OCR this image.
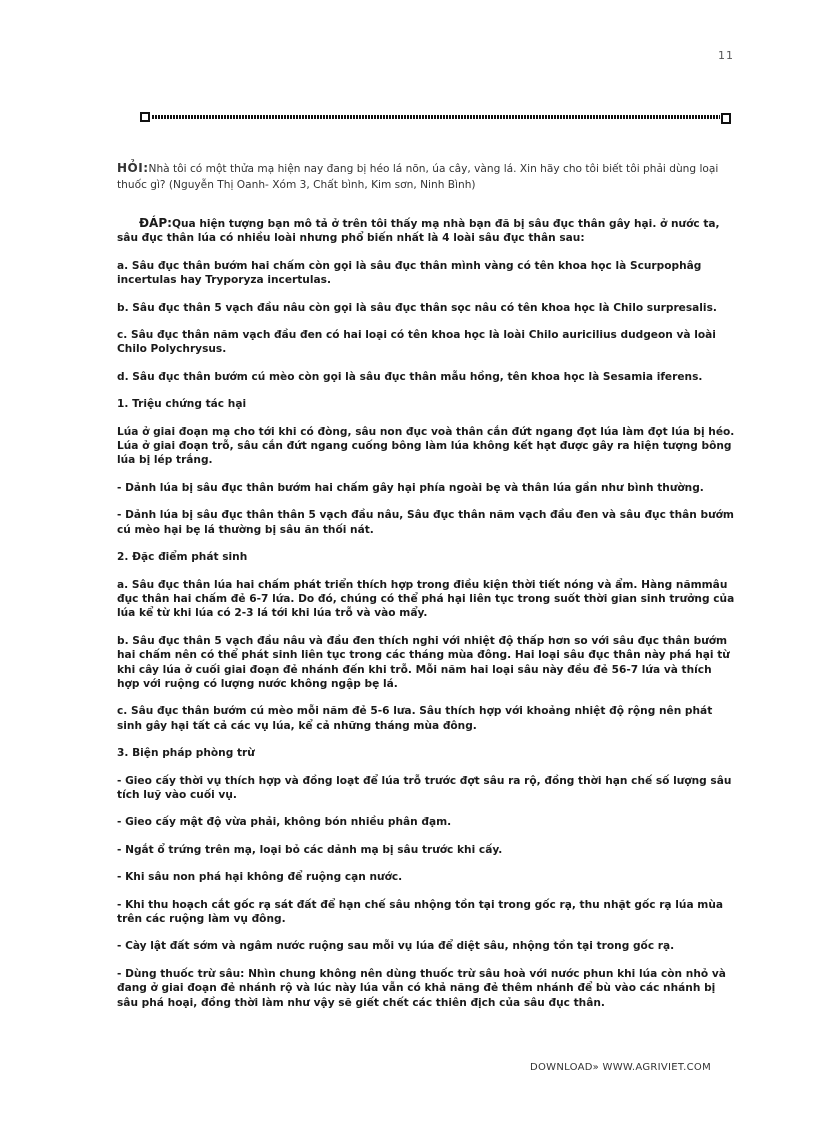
11
HỎI:Nhà tôi có một thửa mạ hiện nay đang bị héo lá nõn, úa cây, vàng lá. Xin hãy cho tôi biết tôi phải dùng loại thuốc gì? (Nguyễn Thị Oanh- Xóm 3, Chất bình, Kim sơn, Ninh Bình)

ĐÁP:Qua hiện tượng bạn mô tả ở trên tôi thấy mạ nhà bạn đã bị sâu đục thân gây hại. ở nước ta, sâu đục thân lúa có nhiều loài nhưng phổ biến nhất là 4 loài sâu đục thân sau:

a. Sâu đục thân bướm hai chấm còn gọi là sâu đục thân mình vàng có tên khoa học là Scurpophâg incertulas hay Tryporyza incertulas.

b. Sâu đục thân 5 vạch đầu nâu còn gọi là sâu đục thân sọc nâu có tên khoa học là Chilo surpresalis.

c. Sâu đục thân năm vạch đầu đen có hai loại có tên khoa học là loài Chilo auricilius dudgeon và loài Chilo Polychrysus.

d. Sâu đục thân bướm cú mèo còn gọi là sâu đục thân mẫu hồng, tên khoa học là Sesamia iferens.

1. Triệu chứng tác hại

Lúa ở giai đoạn mạ cho tới khi có đòng, sâu non đục voà thân cắn đứt ngang đọt lúa làm đọt lúa bị héo. Lúa ở giai đoạn trỗ, sâu cắn đứt ngang cuống bông làm lúa không kết hạt được gây ra hiện tượng bông lúa bị lép trắng.

- Dảnh lúa bị sâu đục thân bướm hai chấm gây hại phía ngoài bẹ và thân lúa gần như bình thường.

- Dảnh lúa bị sâu đục thân thân 5 vạch đầu nâu, Sâu đục thân năm vạch đầu đen và sâu đục thân bướm cú mèo hại bẹ lá thường bị sâu ăn thối nát.

2. Đặc điểm phát sinh

a. Sâu đục thân lúa hai chấm phát triển thích hợp trong điều kiện thời tiết nóng và ẩm. Hàng nămmâu đục thân hai chấm đẻ 6-7 lứa. Do đó, chúng có thể phá hại liên tục trong suốt thời gian sinh trưởng của lúa kể từ khi lúa có 2-3 lá tới khi lúa trỗ và vào mẩy.

b. Sâu đục thân 5 vạch đầu nâu và đầu đen thích nghi với nhiệt độ thấp hơn so với sâu đục thân bướm hai chấm nên có thể phát sinh liên tục trong các tháng mùa đông. Hai loại sâu đục thân này phá hại từ khi cây lúa ở cuối giai đoạn đẻ nhánh đến khi trỗ. Mỗi năm hai loại sâu này đều đẻ 56-7 lứa và thích hợp với ruộng có lượng nước không ngập bẹ lá.

c. Sâu đục thân bướm cú mèo mỗi năm đẻ 5-6 lưa. Sâu thích hợp với khoảng nhiệt độ rộng nên phát sinh gây hại tất cả các vụ lúa, kể cả những tháng mùa đông.

3. Biện pháp phòng trừ

- Gieo cấy thời vụ thích hợp và đồng loạt để lúa trỗ trước đợt sâu ra rộ, đồng thời hạn chế số lượng sâu tích luỹ vào cuối vụ.

- Gieo cấy mật độ vừa phải, không bón nhiều phân đạm.

- Ngắt ổ trứng trên mạ, loại bỏ các dảnh mạ bị sâu trước khi cấy.

- Khi sâu non phá hại không để ruộng cạn nước.

- Khi thu hoạch cắt gốc rạ sát đất để hạn chế sâu nhộng tồn tại trong gốc rạ, thu nhặt gốc rạ lúa mùa trên các ruộng làm vụ đông.

- Cày lật đất sớm và ngâm nước ruộng sau mỗi vụ lúa để diệt sâu, nhộng tồn tại trong gốc rạ.

- Dùng thuốc trừ sâu: Nhìn chung không nên dùng thuốc trừ sâu hoà với nước phun khi lúa còn nhỏ và đang ở giai đoạn đẻ nhánh rộ và lúc này lúa vẫn có khả năng đẻ thêm nhánh để bù vào các nhánh bị sâu phá hoại, đồng thời làm như vậy sẽ giết chết các thiên địch của sâu đục thân.

DOWNLOAD» WWW.AGRIVIET.COM
